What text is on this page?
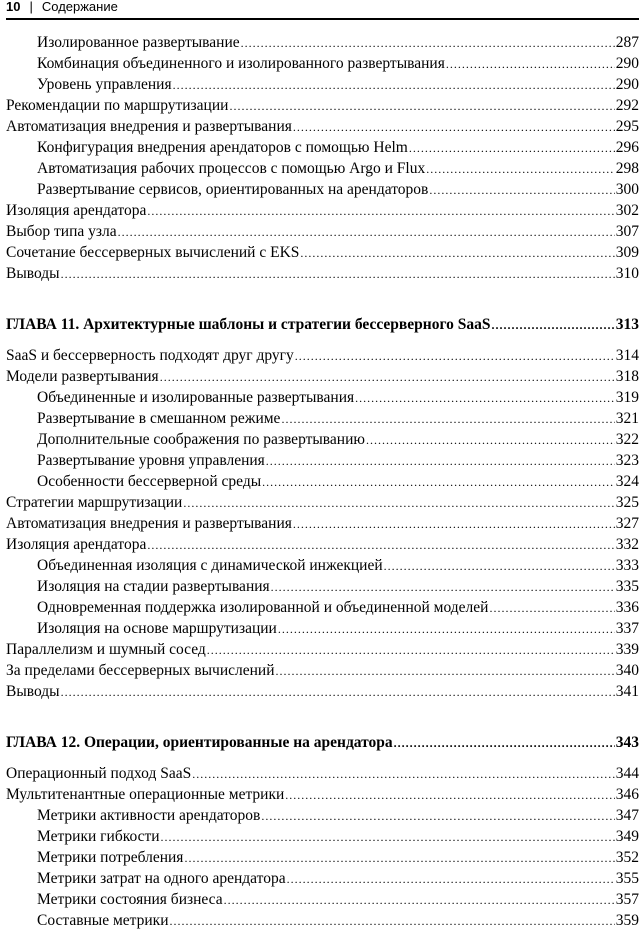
10 | Содержание
Изолированное развертывание .....	287
Комбинация объединенного и изолированного развертывания .....	290
Уровень управления .....	290
Рекомендации по маршрутизации .....	292
Автоматизация внедрения и развертывания .....	295
Конфигурация внедрения арендаторов с помощью Helm .....	296
Автоматизация рабочих процессов с помощью Argo и Flux .....	298
Развертывание сервисов, ориентированных на арендаторов .....	300
Изоляция арендатора .....	302
Выбор типа узла .....	307
Сочетание бессерверных вычислений с EKS .....	309
Выводы .....	310
ГЛАВА 11. Архитектурные шаблоны и стратегии бессерверного SaaS .....	313
SaaS и бессерверность подходят друг другу .....	314
Модели развертывания .....	318
Объединенные и изолированные развертывания .....	319
Развертывание в смешанном режиме .....	321
Дополнительные соображения по развертыванию .....	322
Развертывание уровня управления .....	323
Особенности бессерверной среды .....	324
Стратегии маршрутизации .....	325
Автоматизация внедрения и развертывания .....	327
Изоляция арендатора .....	332
Объединенная изоляция с динамической инжекцией .....	333
Изоляция на стадии развертывания .....	335
Одновременная поддержка изолированной и объединенной моделей .....	336
Изоляция на основе маршрутизации .....	337
Параллелизм и шумный сосед .....	339
За пределами бессерверных вычислений .....	340
Выводы .....	341
ГЛАВА 12. Операции, ориентированные на арендатора .....	343
Операционный подход SaaS .....	344
Мультитенантные операционные метрики .....	346
Метрики активности арендаторов .....	347
Метрики гибкости .....	349
Метрики потребления .....	352
Метрики затрат на одного арендатора .....	355
Метрики состояния бизнеса .....	357
Составные метрики .....	359
